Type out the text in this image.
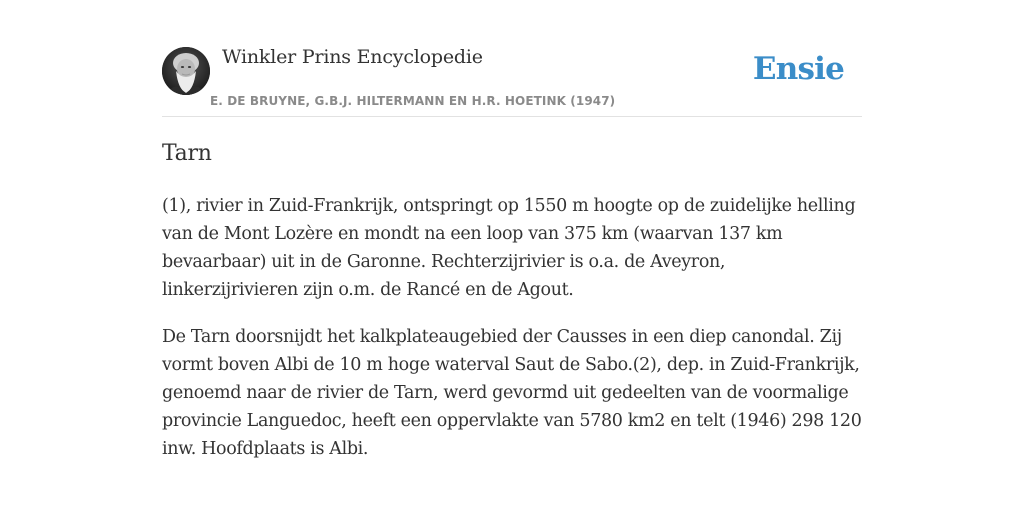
Winkler Prins Encyclopedie
E. DE BRUYNE, G.B.J. HILTERMANN EN H.R. HOETINK (1947)
Ensie
Tarn

(1), rivier in Zuid-Frankrijk, ontspringt op 1550 m hoogte op de zuidelijke helling van de Mont Lozère en mondt na een loop van 375 km (waarvan 137 km bevaarbaar) uit in de Garonne. Rechterzijrivier is o.a. de Aveyron, linkerzijrivieren zijn o.m. de Rancé en de Agout.

De Tarn doorsnijdt het kalkplateaugebied der Causses in een diep canondal. Zij vormt boven Albi de 10 m hoge waterval Saut de Sabo.(2), dep. in Zuid-Frankrijk, genoemd naar de rivier de Tarn, werd gevormd uit gedeelten van de voormalige provincie Languedoc, heeft een oppervlakte van 5780 km2 en telt (1946) 298 120 inw. Hoofdplaats is Albi.
